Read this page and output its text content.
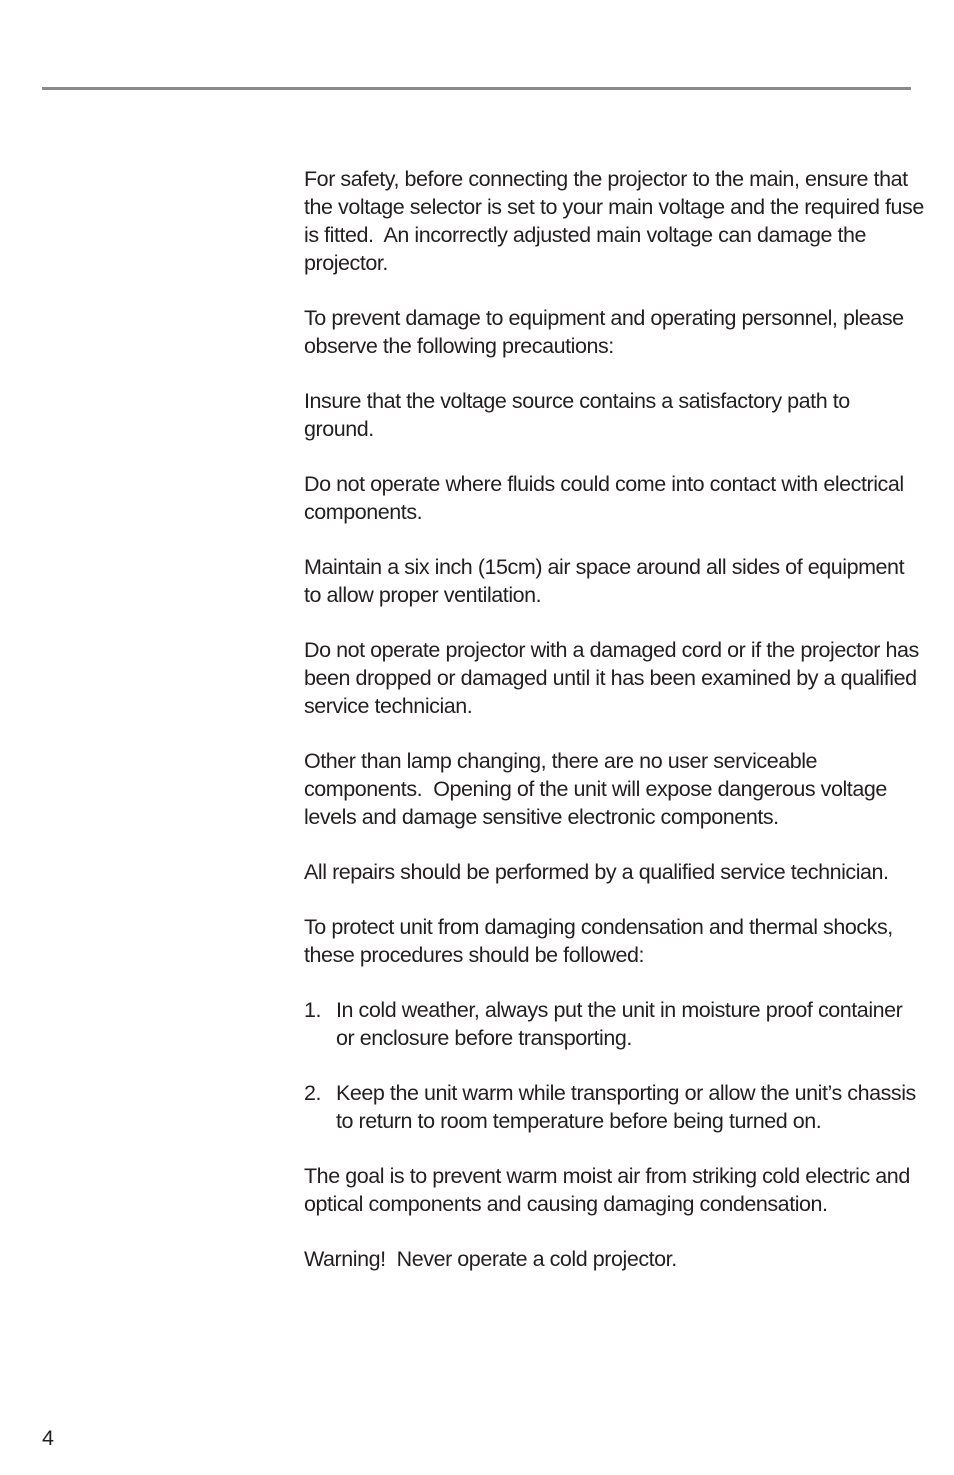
For safety, before connecting the projector to the main, ensure that the voltage selector is set to your main voltage and the required fuse is fitted.  An incorrectly adjusted main voltage can damage the projector.

To prevent damage to equipment and operating personnel, please observe the following precautions:

Insure that the voltage source contains a satisfactory path to ground.

Do not operate where fluids could come into contact with electrical components.

Maintain a six inch (15cm) air space around all sides of equipment to allow proper ventilation.

Do not operate projector with a damaged cord or if the projector has been dropped or damaged until it has been examined by a qualified service technician.

Other than lamp changing, there are no user serviceable components.  Opening of the unit will expose dangerous voltage levels and damage sensitive electronic components.

All repairs should be performed by a qualified service technician.

To protect unit from damaging condensation and thermal shocks, these procedures should be followed:

1. In cold weather, always put the unit in moisture proof container or enclosure before transporting.
2. Keep the unit warm while transporting or allow the unit’s chassis to return to room temperature before being turned on.

The goal is to prevent warm moist air from striking cold electric and optical components and causing damaging condensation.

Warning!  Never operate a cold projector.

4
